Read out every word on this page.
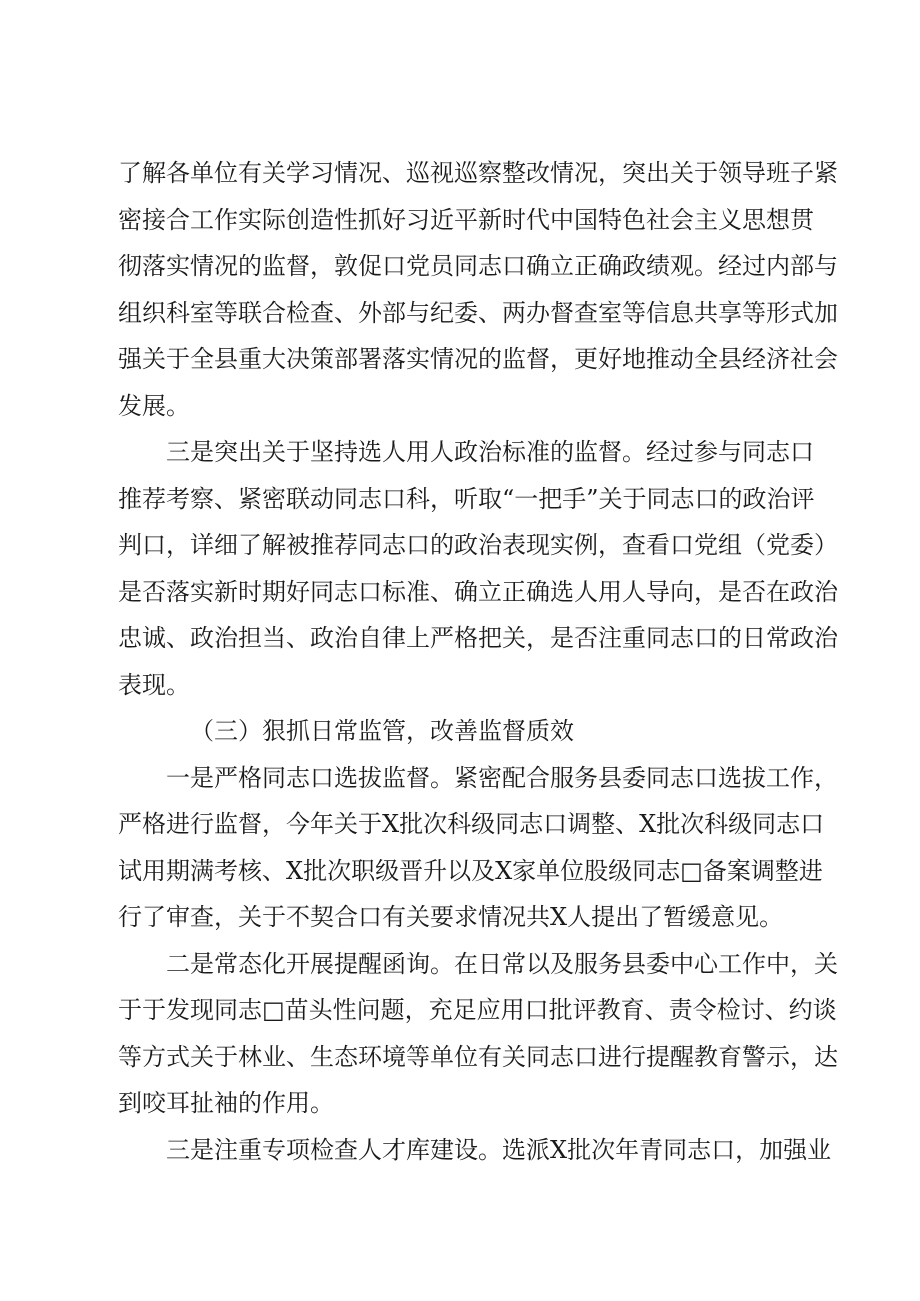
了解各单位有关学习情况、巡视巡察整改情况，突出关于领导班子紧
密接合工作实际创造性抓好习近平新时代中国特色社会主义思想贯
彻落实情况的监督，敦促口党员同志口确立正确政绩观。经过内部与
组织科室等联合检查、外部与纪委、两办督查室等信息共享等形式加
强关于全县重大决策部署落实情况的监督，更好地推动全县经济社会
发展。
三是突出关于坚持选人用人政治标准的监督。经过参与同志口
推荐考察、紧密联动同志口科，听取“一把手”关于同志口的政治评
判口，详细了解被推荐同志口的政治表现实例，查看口党组（党委）
是否落实新时期好同志口标准、确立正确选人用人导向，是否在政治
忠诚、政治担当、政治自律上严格把关，是否注重同志口的日常政治
表现。
（三）狠抓日常监管，改善监督质效
一是严格同志口选拔监督。紧密配合服务县委同志口选拔工作，
严格进行监督，今年关于X批次科级同志口调整、X批次科级同志口
试用期满考核、X批次职级晋升以及X家单位股级同志□备案调整进
行了审查，关于不契合口有关要求情况共X人提出了暂缓意见。
二是常态化开展提醒函询。在日常以及服务县委中心工作中，关
于于发现同志□苗头性问题，充足应用口批评教育、责令检讨、约谈
等方式关于林业、生态环境等单位有关同志口进行提醒教育警示，达
到咬耳扯袖的作用。
三是注重专项检查人才库建设。选派X批次年青同志口，加强业
